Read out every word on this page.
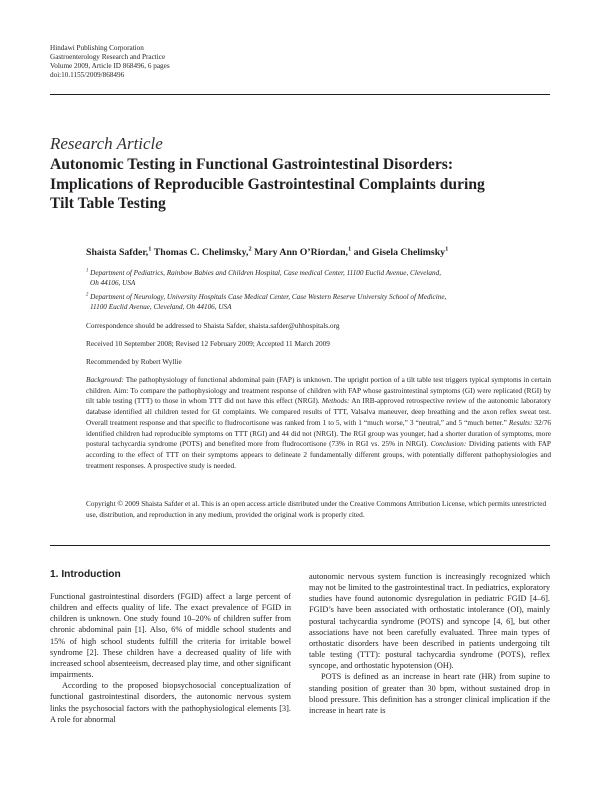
Hindawi Publishing Corporation
Gastroenterology Research and Practice
Volume 2009, Article ID 868496, 6 pages
doi:10.1155/2009/868496
Research Article
Autonomic Testing in Functional Gastrointestinal Disorders:
Implications of Reproducible Gastrointestinal Complaints during
Tilt Table Testing
Shaista Safder,$^1$ Thomas C. Chelimsky,$^2$ Mary Ann O’Riordan,$^1$ and Gisela Chelimsky$^1$
$^1$ Department of Pediatrics, Rainbow Babies and Children Hospital, Case medical Center, 11100 Euclid Avenue, Cleveland,
Oh 44106, USA
$^2$ Department of Neurology, University Hospitals Case Medical Center, Case Western Reserve University School of Medicine,
11100 Euclid Avenue, Cleveland, Oh 44106, USA
Correspondence should be addressed to Shaista Safder, shaista.safder@uhhospitals.org
Received 10 September 2008; Revised 12 February 2009; Accepted 11 March 2009
Recommended by Robert Wyllie

Background: The pathophysiology of functional abdominal pain (FAP) is unknown. The upright portion of a tilt table test triggers typical symptoms in certain children. Aim: To compare the pathophysiology and treatment response of children with FAP whose gastrointestinal symptoms (GI) were replicated (RGI) by tilt table testing (TTT) to those in whom TTT did not have this effect (NRGI). Methods: An IRB-approved retrospective review of the autonomic laboratory database identified all children tested for GI complaints. We compared results of TTT, Valsalva maneuver, deep breathing and the axon reflex sweat test. Overall treatment response and that specific to fludrocortisone was ranked from 1 to 5, with 1 “much worse,” 3 “neutral,” and 5 “much better.” Results: 32/76 identified children had reproducible symptoms on TTT (RGI) and 44 did not (NRGI). The RGI group was younger, had a shorter duration of symptoms, more postural tachycardia syndrome (POTS) and benefited more from fludrocortisone (73% in RGI vs. 25% in NRGI). Conclusion: Dividing patients with FAP according to the effect of TTT on their symptoms appears to delineate 2 fundamentally different groups, with potentially different pathophysiologies and treatment responses. A prospective study is needed.

Copyright © 2009 Shaista Safder et al. This is an open access article distributed under the Creative Commons Attribution License, which permits unrestricted use, distribution, and reproduction in any medium, provided the original work is properly cited.
1. Introduction

Functional gastrointestinal disorders (FGID) affect a large percent of children and effects quality of life. The exact prevalence of FGID in children is unknown. One study found 10–20% of children suffer from chronic abdominal pain [1]. Also, 6% of middle school students and 15% of high school students fulfill the criteria for irritable bowel syndrome [2]. These children have a decreased quality of life with increased school absenteeism, decreased play time, and other significant impairments.

According to the proposed biopsychosocial conceptualization of functional gastrointestinal disorders, the autonomic nervous system links the psychosocial factors with the pathophysiological elements [3]. A role for abnormal

autonomic nervous system function is increasingly recognized which may not be limited to the gastrointestinal tract. In pediatrics, exploratory studies have found autonomic dysregulation in pediatric FGID [4–6]. FGID’s have been associated with orthostatic intolerance (OI), mainly postural tachycardia syndrome (POTS) and syncope [4, 6], but other associations have not been carefully evaluated. Three main types of orthostatic disorders have been described in patients undergoing tilt table testing (TTT): postural tachycardia syndrome (POTS), reflex syncope, and orthostatic hypotension (OH).

POTS is defined as an increase in heart rate (HR) from supine to standing position of greater than 30 bpm, without sustained drop in blood pressure. This definition has a stronger clinical implication if the increase in heart rate is
